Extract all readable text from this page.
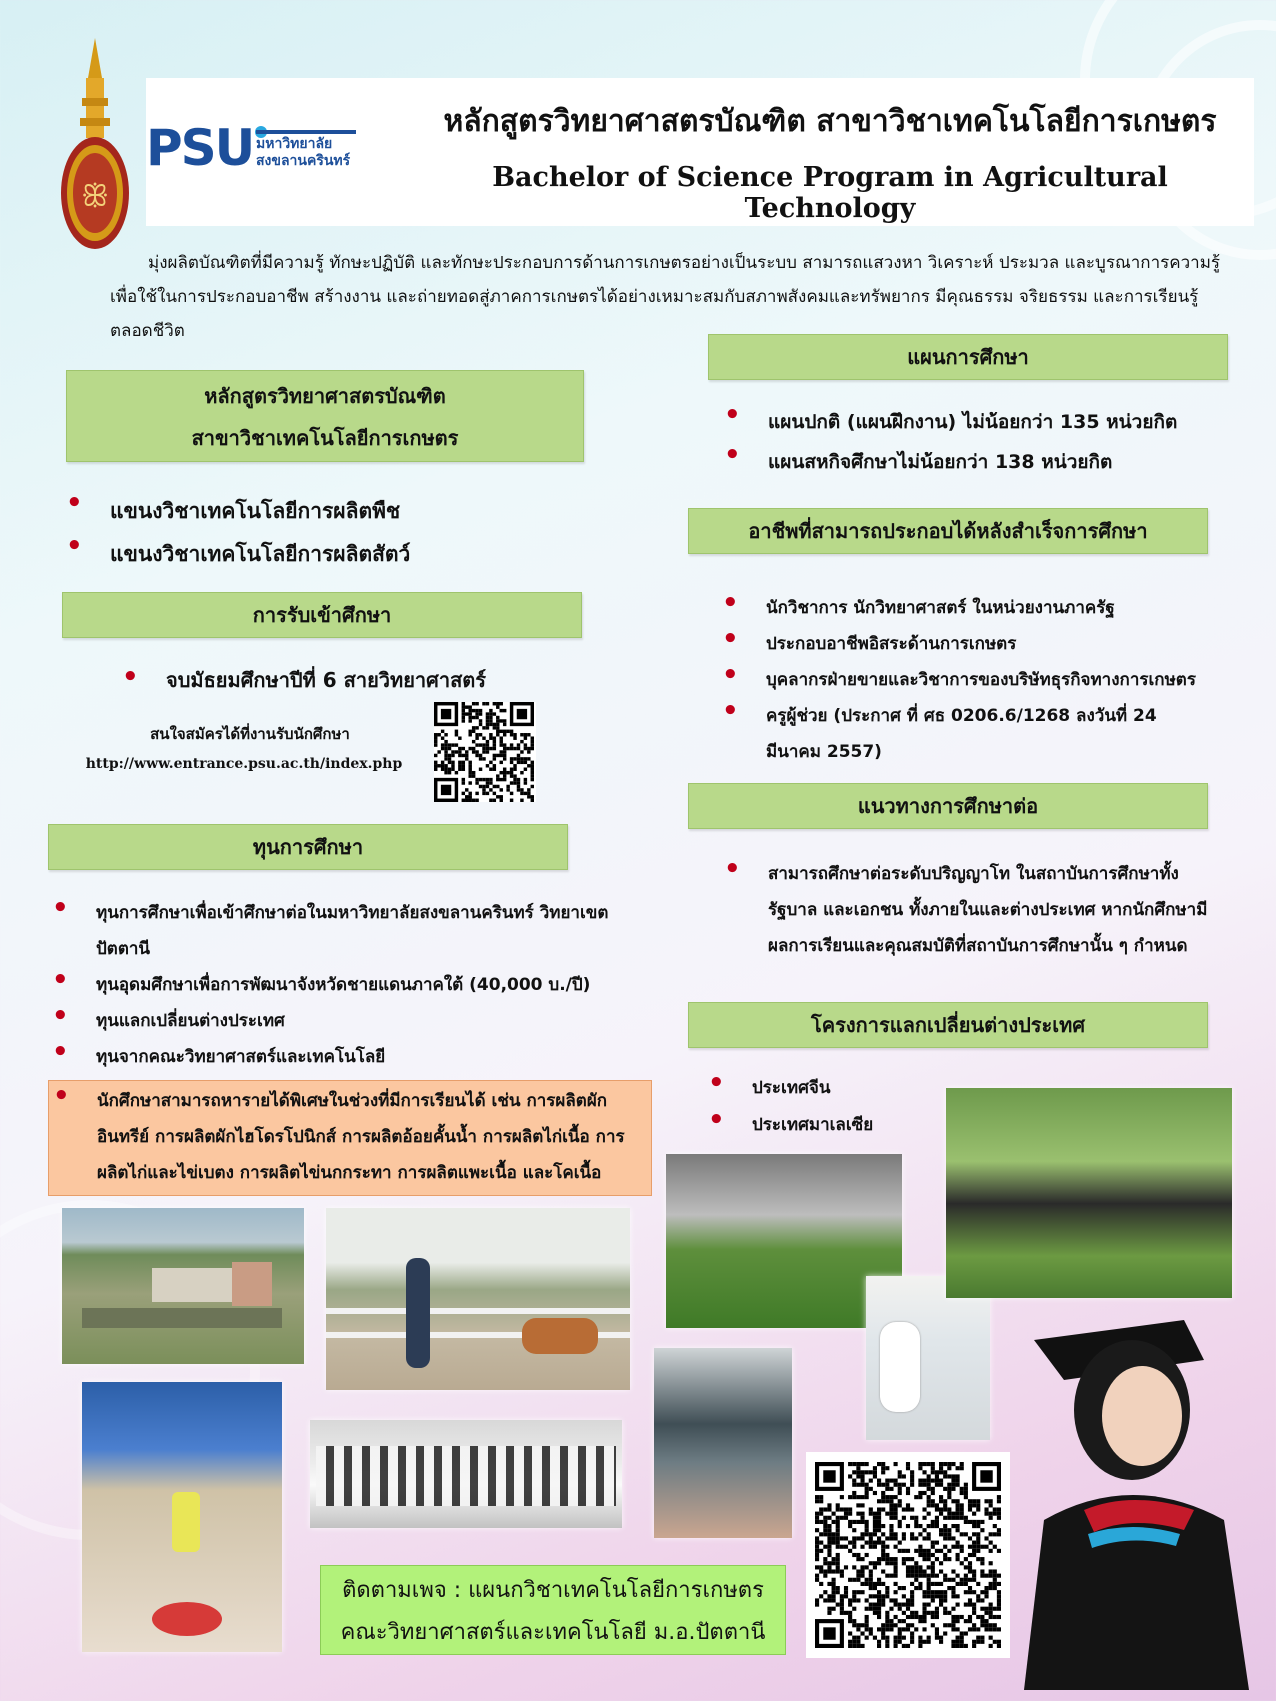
ꕥ
PSU มหาวิทยาลัย
สงขลานครินทร์
หลักสูตรวิทยาศาสตรบัณฑิต สาขาวิชาเทคโนโลยีการเกษตร
Bachelor of Science Program in Agricultural Technology
มุ่งผลิตบัณฑิตที่มีความรู้ ทักษะปฏิบัติ และทักษะประกอบการด้านการเกษตรอย่างเป็นระบบ สามารถแสวงหา วิเคราะห์ ประมวล และบูรณาการความรู้เพื่อใช้ในการประกอบอาชีพ สร้างงาน และถ่ายทอดสู่ภาคการเกษตรได้อย่างเหมาะสมกับสภาพสังคมและทรัพยากร มีคุณธรรม จริยธรรม และการเรียนรู้ตลอดชีวิต
หลักสูตรวิทยาศาสตรบัณฑิต
สาขาวิชาเทคโนโลยีการเกษตร
• แขนงวิชาเทคโนโลยีการผลิตพืช
• แขนงวิชาเทคโนโลยีการผลิตสัตว์
การรับเข้าศึกษา
• จบมัธยมศึกษาปีที่ 6 สายวิทยาศาสตร์
สนใจสมัครได้ที่งานรับนักศึกษา
http://www.entrance.psu.ac.th/index.php
ทุนการศึกษา
• ทุนการศึกษาเพื่อเข้าศึกษาต่อในมหาวิทยาลัยสงขลานครินทร์ วิทยาเขตปัตตานี
• ทุนอุดมศึกษาเพื่อการพัฒนาจังหวัดชายแดนภาคใต้ (40,000 บ./ปี)
• ทุนแลกเปลี่ยนต่างประเทศ
• ทุนจากคณะวิทยาศาสตร์และเทคโนโลยี
• นักศึกษาสามารถหารายได้พิเศษในช่วงที่มีการเรียนได้ เช่น การผลิตผักอินทรีย์ การผลิตผักไฮโดรโปนิกส์ การผลิตอ้อยคั้นน้ำ การผลิตไก่เนื้อ การผลิตไก่และไข่เบตง การผลิตไข่นกกระทา การผลิตแพะเนื้อ และโคเนื้อ
แผนการศึกษา
• แผนปกติ (แผนฝึกงาน) ไม่น้อยกว่า 135 หน่วยกิต
• แผนสหกิจศึกษาไม่น้อยกว่า 138 หน่วยกิต
อาชีพที่สามารถประกอบได้หลังสำเร็จการศึกษา
• นักวิชาการ นักวิทยาศาสตร์ ในหน่วยงานภาครัฐ
• ประกอบอาชีพอิสระด้านการเกษตร
• บุคลากรฝ่ายขายและวิชาการของบริษัทธุรกิจทางการเกษตร
• ครูผู้ช่วย (ประกาศ ที่ ศธ 0206.6/1268 ลงวันที่ 24 มีนาคม 2557)
แนวทางการศึกษาต่อ
• สามารถศึกษาต่อระดับปริญญาโท ในสถาบันการศึกษาทั้งรัฐบาล และเอกชน ทั้งภายในและต่างประเทศ หากนักศึกษามีผลการเรียนและคุณสมบัติที่สถาบันการศึกษานั้น ๆ กำหนด
โครงการแลกเปลี่ยนต่างประเทศ
• ประเทศจีน
• ประเทศมาเลเซีย
ติดตามเพจ : แผนกวิชาเทคโนโลยีการเกษตร
คณะวิทยาศาสตร์และเทคโนโลยี ม.อ.ปัตตานี
